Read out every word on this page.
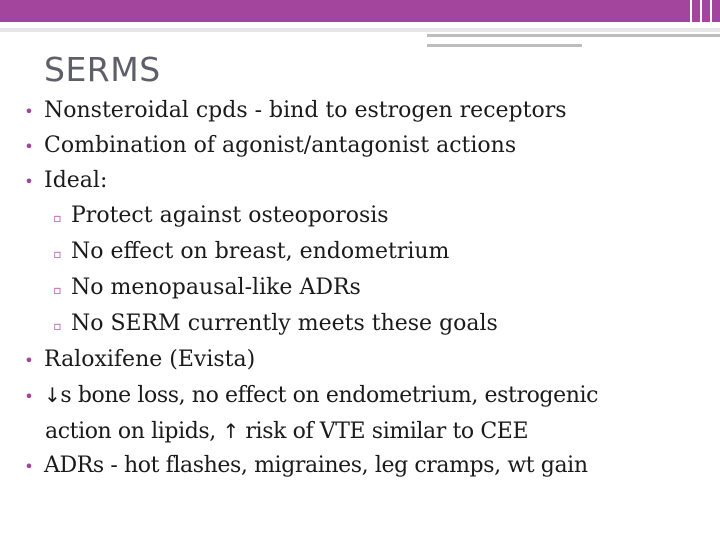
SERMS
• Nonsteroidal cpds - bind to estrogen receptors
• Combination of agonist/antagonist actions
• Ideal:
▫ Protect against osteoporosis
▫ No effect on breast, endometrium
▫ No menopausal-like ADRs
▫ No SERM currently meets these goals
• Raloxifene (Evista)
• ↓s bone loss, no effect on endometrium, estrogenic
action on lipids, ↑ risk of VTE similar to CEE
• ADRs - hot flashes, migraines, leg cramps, wt gain
